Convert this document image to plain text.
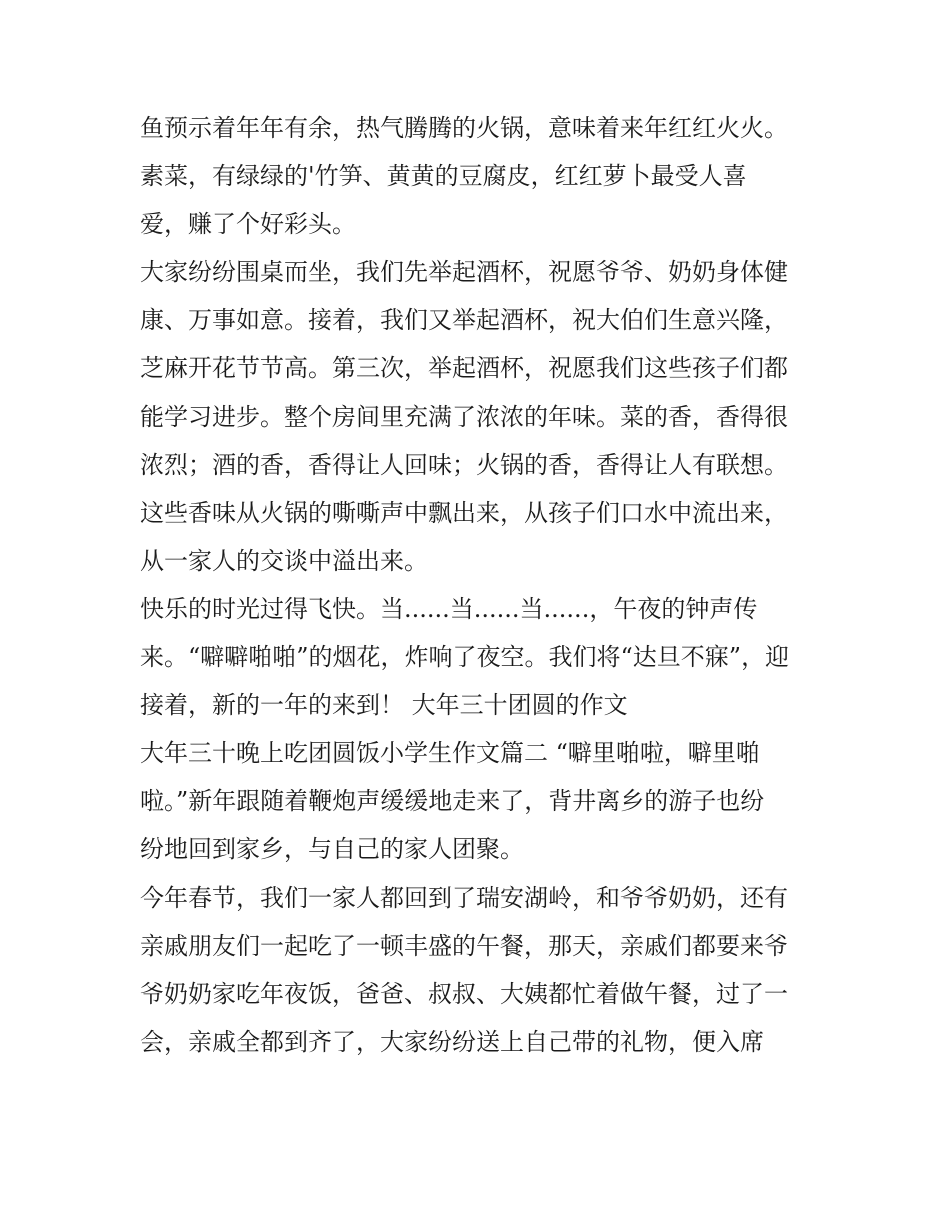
鱼预示着年年有余，热气腾腾的火锅，意味着来年红红火火。
素菜，有绿绿的'竹笋、黄黄的豆腐皮，红红萝卜最受人喜
爱，赚了个好彩头。
大家纷纷围桌而坐，我们先举起酒杯，祝愿爷爷、奶奶身体健
康、万事如意。接着，我们又举起酒杯，祝大伯们生意兴隆，
芝麻开花节节高。第三次，举起酒杯，祝愿我们这些孩子们都
能学习进步。整个房间里充满了浓浓的年味。菜的香，香得很
浓烈；酒的香，香得让人回味；火锅的香，香得让人有联想。
这些香味从火锅的嘶嘶声中飘出来，从孩子们口水中流出来，
从一家人的交谈中溢出来。
快乐的时光过得飞快。当......当......当......，午夜的钟声传
来。“噼噼啪啪”的烟花，炸响了夜空。我们将“达旦不寐”，迎
接着，新的一年的来到！ 大年三十团圆的作文
大年三十晚上吃团圆饭小学生作文篇二 “噼里啪啦，噼里啪
啦。”新年跟随着鞭炮声缓缓地走来了，背井离乡的游子也纷
纷地回到家乡，与自己的家人团聚。
今年春节，我们一家人都回到了瑞安湖岭，和爷爷奶奶，还有
亲戚朋友们一起吃了一顿丰盛的午餐，那天，亲戚们都要来爷
爷奶奶家吃年夜饭，爸爸、叔叔、大姨都忙着做午餐，过了一
会，亲戚全都到齐了，大家纷纷送上自己带的礼物，便入席
